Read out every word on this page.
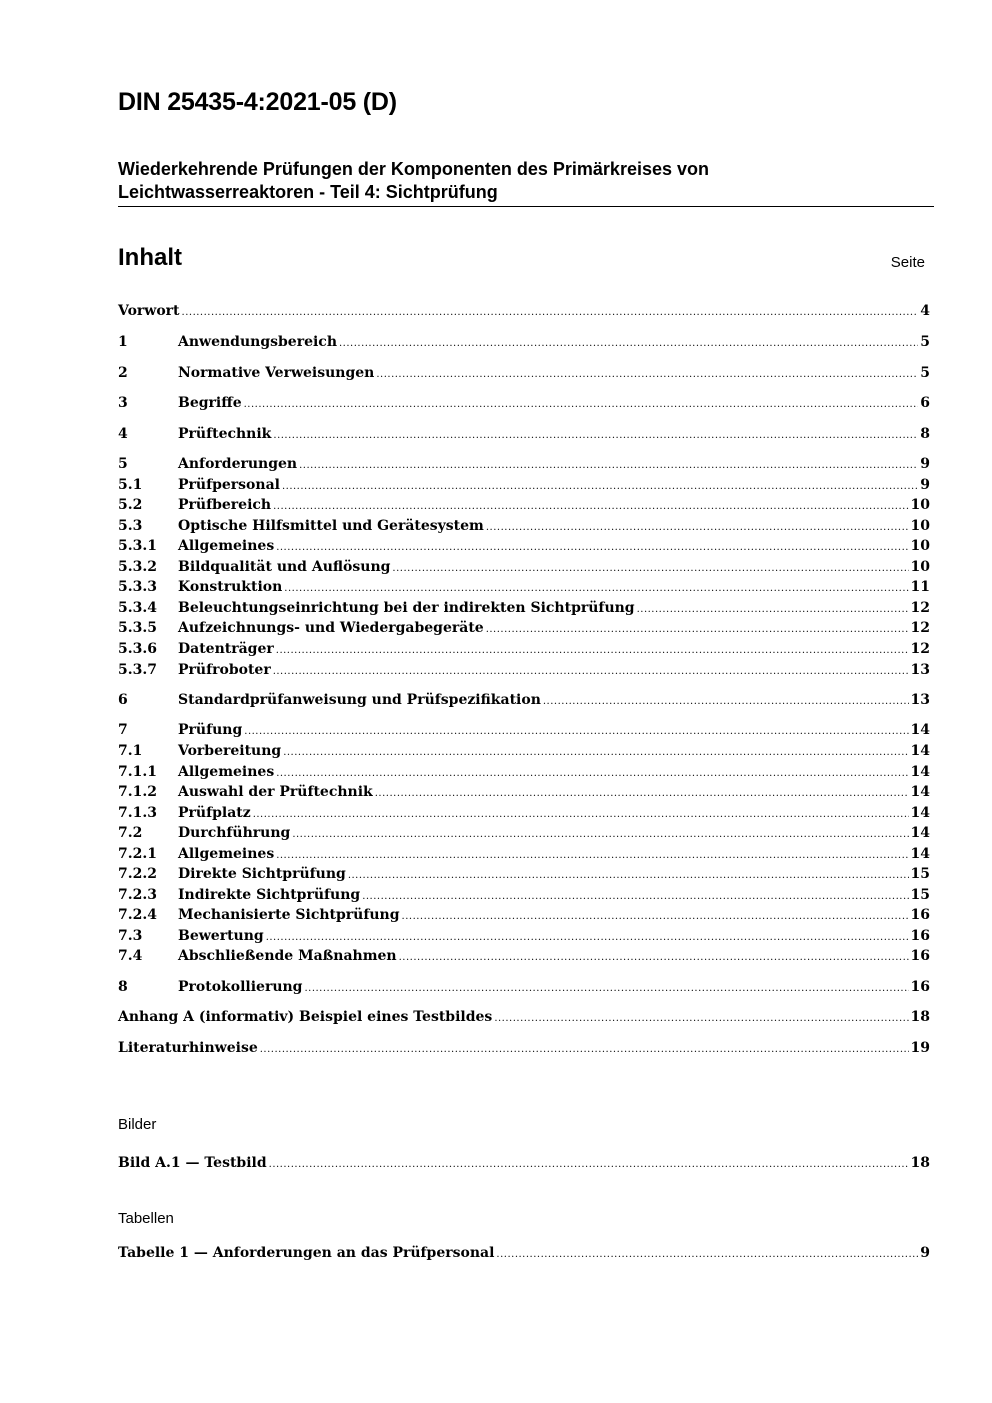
DIN 25435-4:2021-05 (D)
Wiederkehrende Prüfungen der Komponenten des Primärkreises von
Leichtwasserreaktoren - Teil 4: Sichtprüfung
Inhalt	Seite
Vorwort .....	4
1	Anwendungsbereich .....	5
2	Normative Verweisungen .....	5
3	Begriffe .....	6
4	Prüftechnik .....	8
5	Anforderungen .....	9
5.1	Prüfpersonal .....	9
5.2	Prüfbereich .....	10
5.3	Optische Hilfsmittel und Gerätesystem .....	10
5.3.1	Allgemeines .....	10
5.3.2	Bildqualität und Auflösung .....	10
5.3.3	Konstruktion .....	11
5.3.4	Beleuchtungseinrichtung bei der indirekten Sichtprüfung .....	12
5.3.5	Aufzeichnungs- und Wiedergabegeräte .....	12
5.3.6	Datenträger .....	12
5.3.7	Prüfroboter .....	13
6	Standardprüfanweisung und Prüfspezifikation .....	13
7	Prüfung .....	14
7.1	Vorbereitung .....	14
7.1.1	Allgemeines .....	14
7.1.2	Auswahl der Prüftechnik .....	14
7.1.3	Prüfplatz .....	14
7.2	Durchführung .....	14
7.2.1	Allgemeines .....	14
7.2.2	Direkte Sichtprüfung .....	15
7.2.3	Indirekte Sichtprüfung .....	15
7.2.4	Mechanisierte Sichtprüfung .....	16
7.3	Bewertung .....	16
7.4	Abschließende Maßnahmen .....	16
8	Protokollierung .....	16
Anhang A (informativ) Beispiel eines Testbildes .....	18
Literaturhinweise .....	19
Bilder
Bild A.1 — Testbild .....	18
Tabellen
Tabelle 1 — Anforderungen an das Prüfpersonal .....	9
